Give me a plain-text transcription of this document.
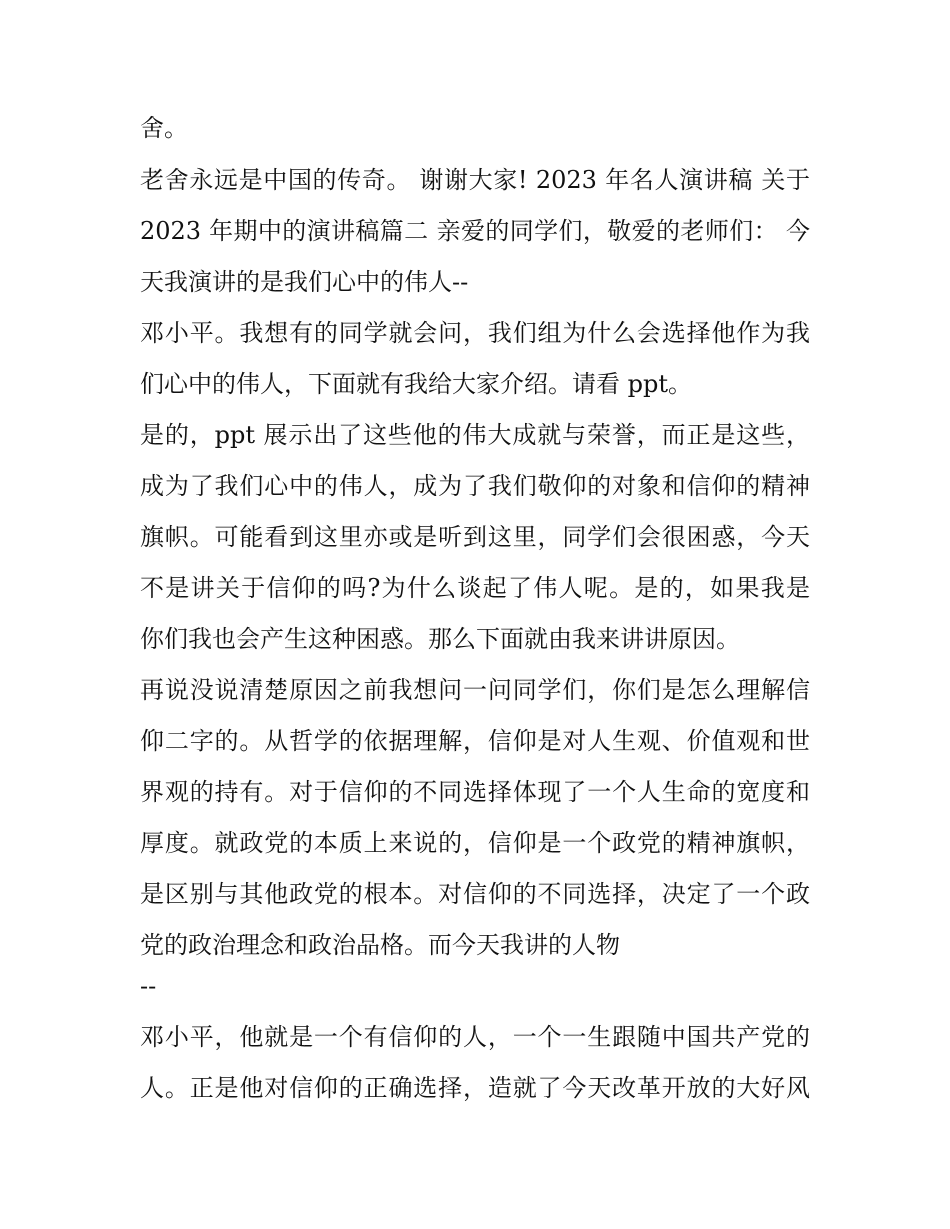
舍。
老舍永远是中国的传奇。 谢谢大家! 2023 年名人演讲稿 关于
2023 年期中的演讲稿篇二 亲爱的同学们，敬爱的老师们： 今
天我演讲的是我们心中的伟人--
邓小平。我想有的同学就会问，我们组为什么会选择他作为我
们心中的伟人，下面就有我给大家介绍。请看 ppt。
是的，ppt 展示出了这些他的伟大成就与荣誉，而正是这些，
成为了我们心中的伟人，成为了我们敬仰的对象和信仰的精神
旗帜。可能看到这里亦或是听到这里，同学们会很困惑，今天
不是讲关于信仰的吗?为什么谈起了伟人呢。是的，如果我是
你们我也会产生这种困惑。那么下面就由我来讲讲原因。
再说没说清楚原因之前我想问一问同学们，你们是怎么理解信
仰二字的。从哲学的依据理解，信仰是对人生观、价值观和世
界观的持有。对于信仰的不同选择体现了一个人生命的宽度和
厚度。就政党的本质上来说的，信仰是一个政党的精神旗帜，
是区别与其他政党的根本。对信仰的不同选择，决定了一个政
党的政治理念和政治品格。而今天我讲的人物
--
邓小平，他就是一个有信仰的人，一个一生跟随中国共产党的
人。正是他对信仰的正确选择，造就了今天改革开放的大好风
